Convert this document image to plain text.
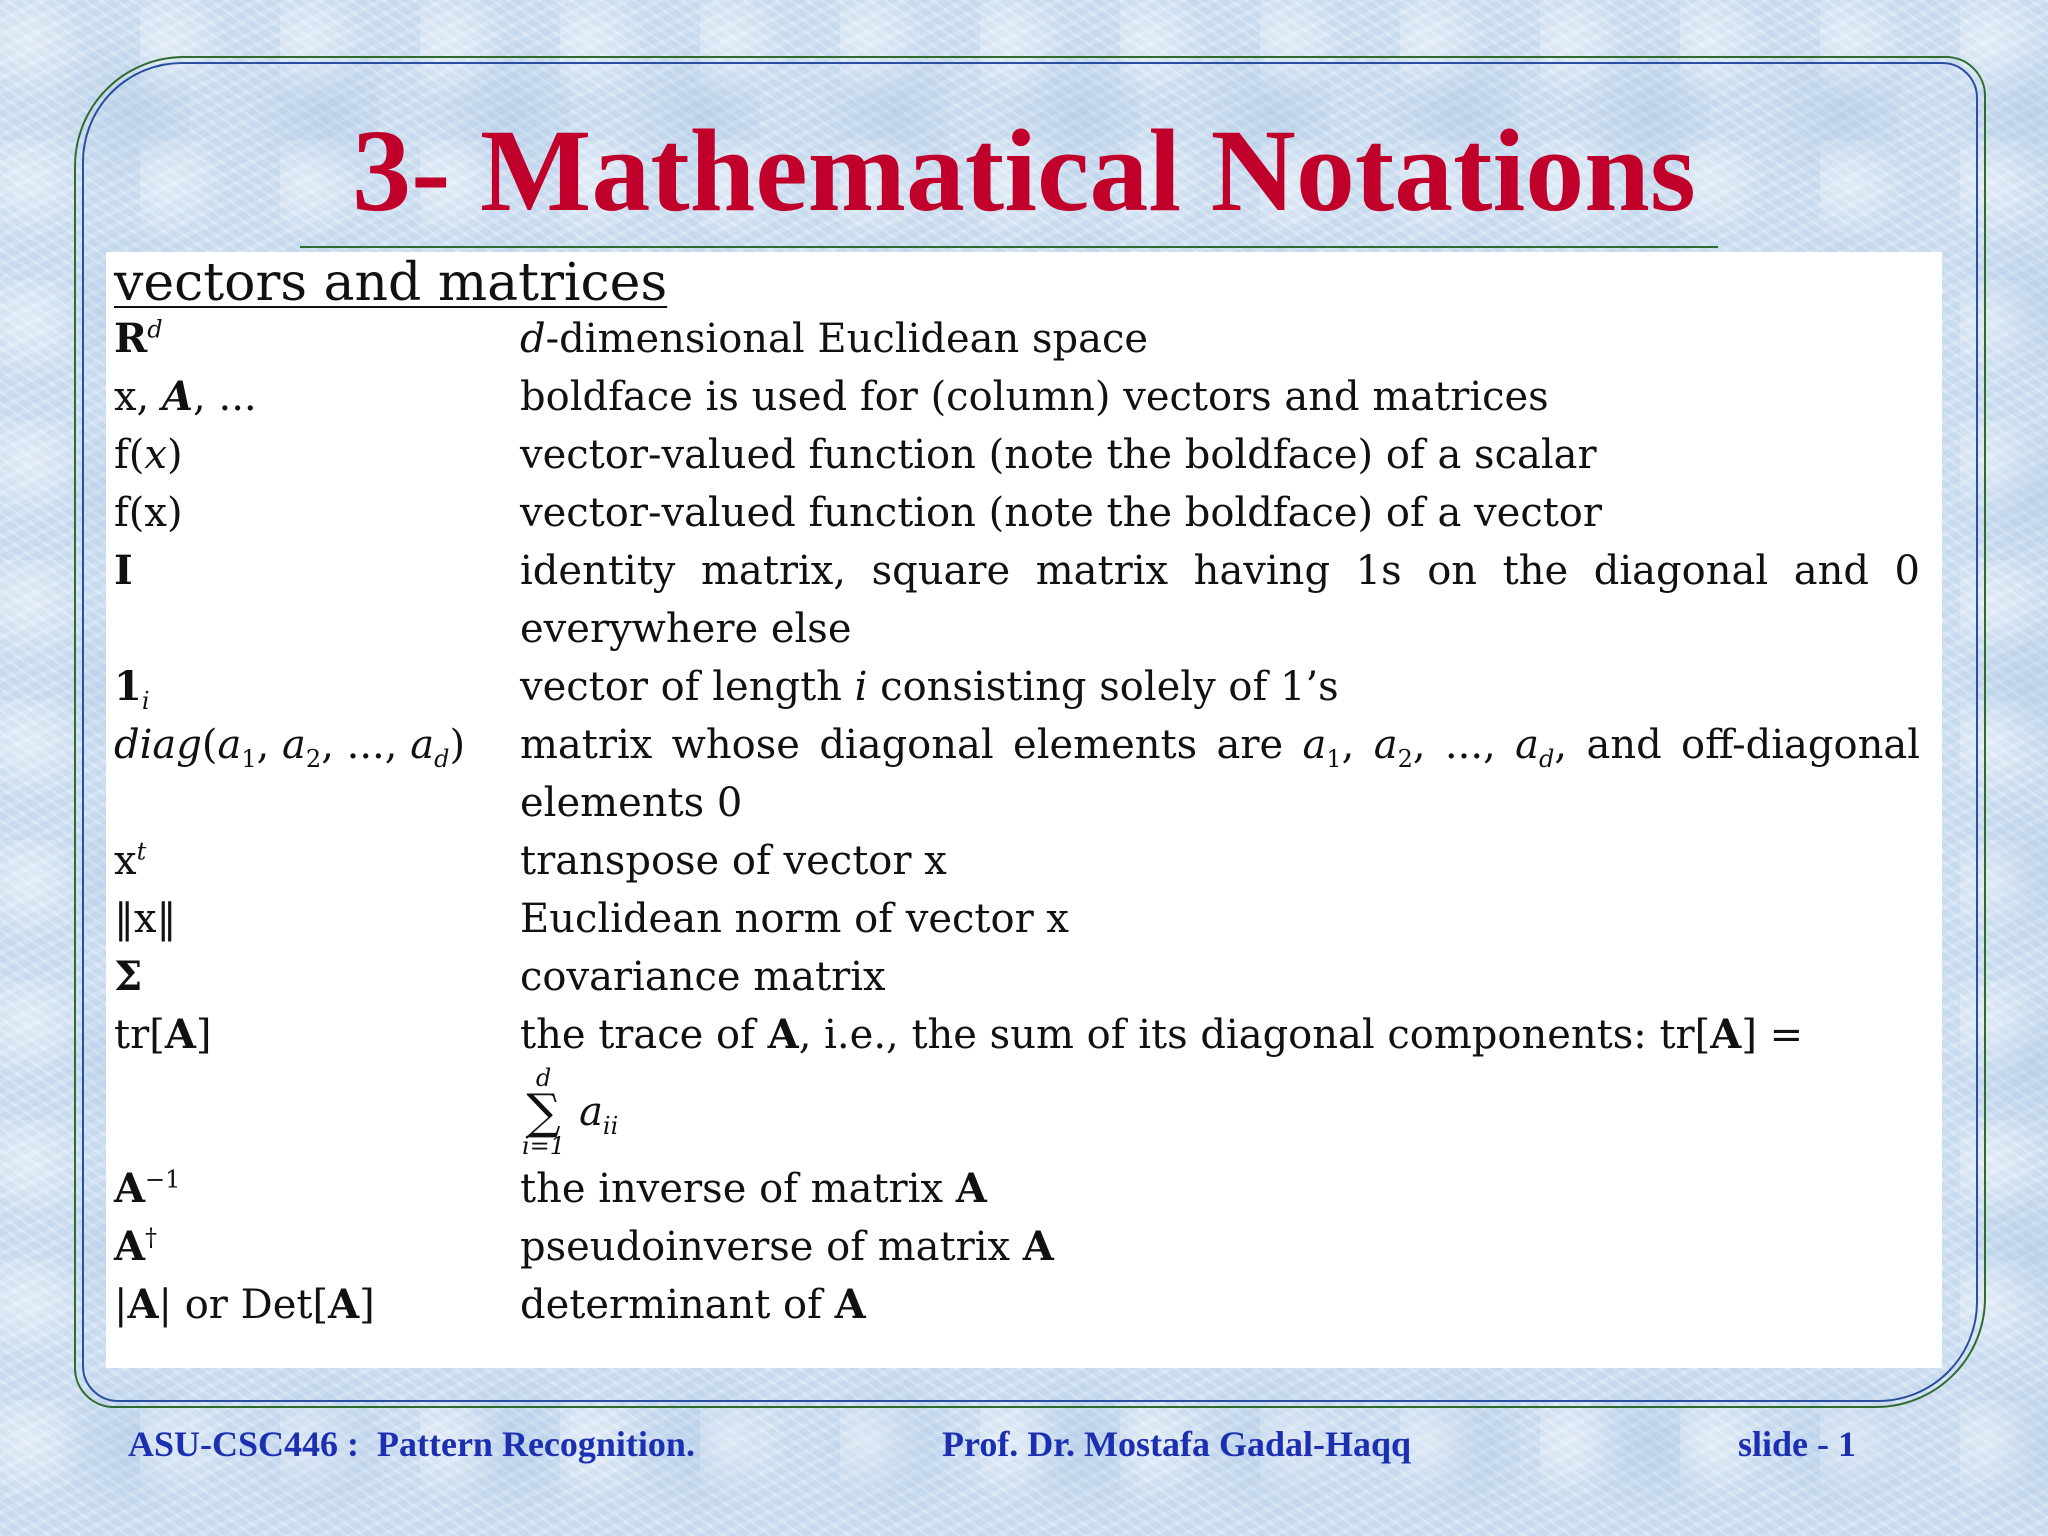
3- Mathematical Notations
vectors and matrices
$R^d$	d-dimensional Euclidean space
x, A, ...	boldface is used for (column) vectors and matrices
f(x)	vector-valued function (note the boldface) of a scalar
f(x)	vector-valued function (note the boldface) of a vector
I	identity matrix, square matrix having 1s on the diagonal and 0 everywhere else
$1_i$	vector of length i consisting solely of 1’s
$diag(a_1$, $a_2$, ..., $a_d$)	matrix whose diagonal elements are $a_1$, $a_2$, ..., $a_d$, and off-diagonal elements 0
$x^t$	transpose of vector x
‖x‖	Euclidean norm of vector x
Σ	covariance matrix
tr[A]	the trace of A, i.e., the sum of its diagonal components: tr[A] =

d
∑
i=1
$a_{ii}$
$A^{-1}$	the inverse of matrix A
A†	pseudoinverse of matrix A
|A| or Det[A]	determinant of A
ASU-CSC446 :  Pattern Recognition.	Prof. Dr. Mostafa Gadal-Haqq	slide - 1
